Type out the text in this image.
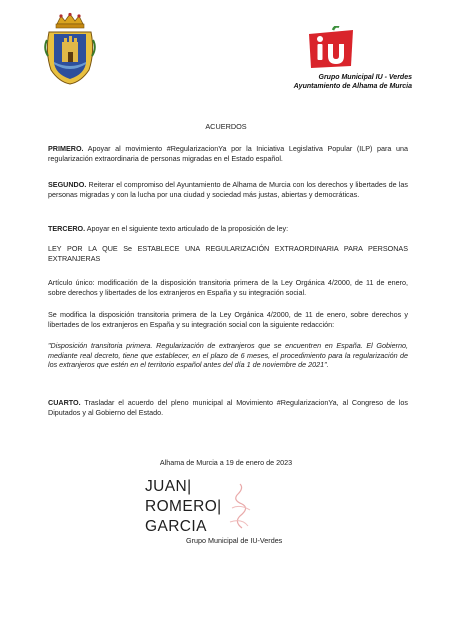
Grupo Municipal IU - Verdes
Ayuntamiento de Alhama de Murcia
ACUERDOS

PRIMERO. Apoyar al movimiento #RegularizacionYa por la Iniciativa Legislativa Popular (ILP) para una regularización extraordinaria de personas migradas en el Estado español.

SEGUNDO. Reiterar el compromiso del Ayuntamiento de Alhama de Murcia con los derechos y libertades de las personas migradas y con la lucha por una ciudad y sociedad más justas, abiertas y democráticas.

TERCERO. Apoyar en el siguiente texto articulado de la proposición de ley:

LEY POR LA QUE Se ESTABLECE UNA REGULARIZACIÓN EXTRAORDINARIA PARA PERSONAS EXTRANJERAS

Artículo único: modificación de la disposición transitoria primera de la Ley Orgánica 4/2000, de 11 de enero, sobre derechos y libertades de los extranjeros en España y su integración social.

Se modifica la disposición transitoria primera de la Ley Orgánica 4/2000, de 11 de enero, sobre derechos y libertades de los extranjeros en España y su integración social con la siguiente redacción:

"Disposición transitoria primera. Regularización de extranjeros que se encuentren en España. El Gobierno, mediante real decreto, tiene que establecer, en el plazo de 6 meses, el procedimiento para la regularización de los extranjeros que estén en el territorio español antes del día 1 de noviembre de 2021".

CUARTO. Trasladar el acuerdo del pleno municipal al Movimiento #RegularizacionYa, al Congreso de los Diputados y al Gobierno del Estado.

Alhama de Murcia a 19 de enero de 2023
JUAN|
ROMERO|
GARCIA
Grupo Municipal de IU-Verdes
